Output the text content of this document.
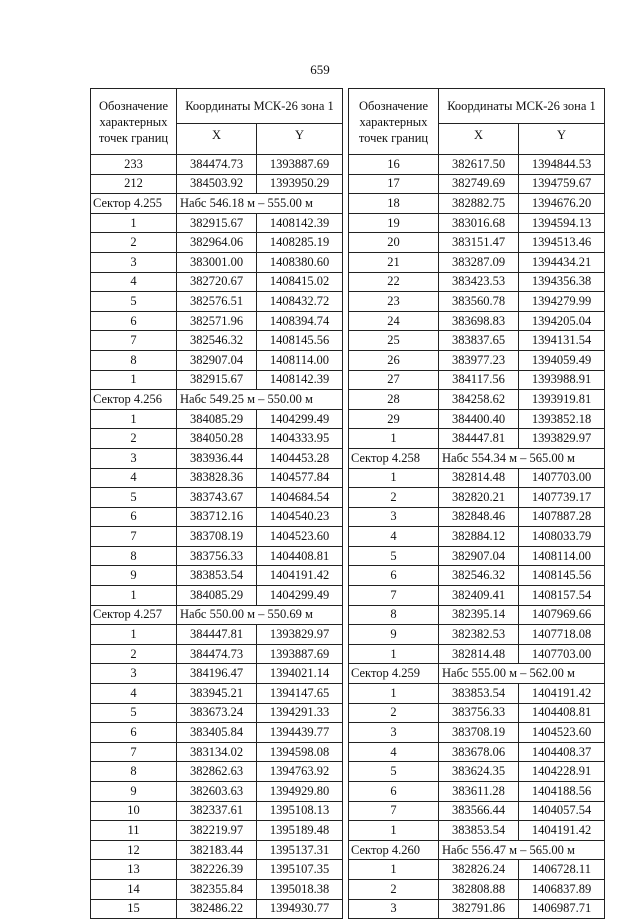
659
Обозначение характерных точек границ	Координаты МСК-26 зона 1	
	X	Y
233	384474.73	1393887.69
212	384503.92	1393950.29
Сектор 4.255	Набс 546.18 м – 555.00 м	
1	382915.67	1408142.39
2	382964.06	1408285.19
3	383001.00	1408380.60
4	382720.67	1408415.02
5	382576.51	1408432.72
6	382571.96	1408394.74
7	382546.32	1408145.56
8	382907.04	1408114.00
1	382915.67	1408142.39
Сектор 4.256	Набс 549.25 м – 550.00 м	
1	384085.29	1404299.49
2	384050.28	1404333.95
3	383936.44	1404453.28
4	383828.36	1404577.84
5	383743.67	1404684.54
6	383712.16	1404540.23
7	383708.19	1404523.60
8	383756.33	1404408.81
9	383853.54	1404191.42
1	384085.29	1404299.49
Сектор 4.257	Набс 550.00 м – 550.69 м	
1	384447.81	1393829.97
2	384474.73	1393887.69
3	384196.47	1394021.14
4	383945.21	1394147.65
5	383673.24	1394291.33
6	383405.84	1394439.77
7	383134.02	1394598.08
8	382862.63	1394763.92
9	382603.63	1394929.80
10	382337.61	1395108.13
11	382219.97	1395189.48
12	382183.44	1395137.31
13	382226.39	1395107.35
14	382355.84	1395018.38
15	382486.22	1394930.77
Обозначение характерных точек границ	Координаты МСК-26 зона 1	
	X	Y
16	382617.50	1394844.53
17	382749.69	1394759.67
18	382882.75	1394676.20
19	383016.68	1394594.13
20	383151.47	1394513.46
21	383287.09	1394434.21
22	383423.53	1394356.38
23	383560.78	1394279.99
24	383698.83	1394205.04
25	383837.65	1394131.54
26	383977.23	1394059.49
27	384117.56	1393988.91
28	384258.62	1393919.81
29	384400.40	1393852.18
1	384447.81	1393829.97
Сектор 4.258	Набс 554.34 м – 565.00 м	
1	382814.48	1407703.00
2	382820.21	1407739.17
3	382848.46	1407887.28
4	382884.12	1408033.79
5	382907.04	1408114.00
6	382546.32	1408145.56
7	382409.41	1408157.54
8	382395.14	1407969.66
9	382382.53	1407718.08
1	382814.48	1407703.00
Сектор 4.259	Набс 555.00 м – 562.00 м	
1	383853.54	1404191.42
2	383756.33	1404408.81
3	383708.19	1404523.60
4	383678.06	1404408.37
5	383624.35	1404228.91
6	383611.28	1404188.56
7	383566.44	1404057.54
1	383853.54	1404191.42
Сектор 4.260	Набс 556.47 м – 565.00 м	
1	382826.24	1406728.11
2	382808.88	1406837.89
3	382791.86	1406987.71
